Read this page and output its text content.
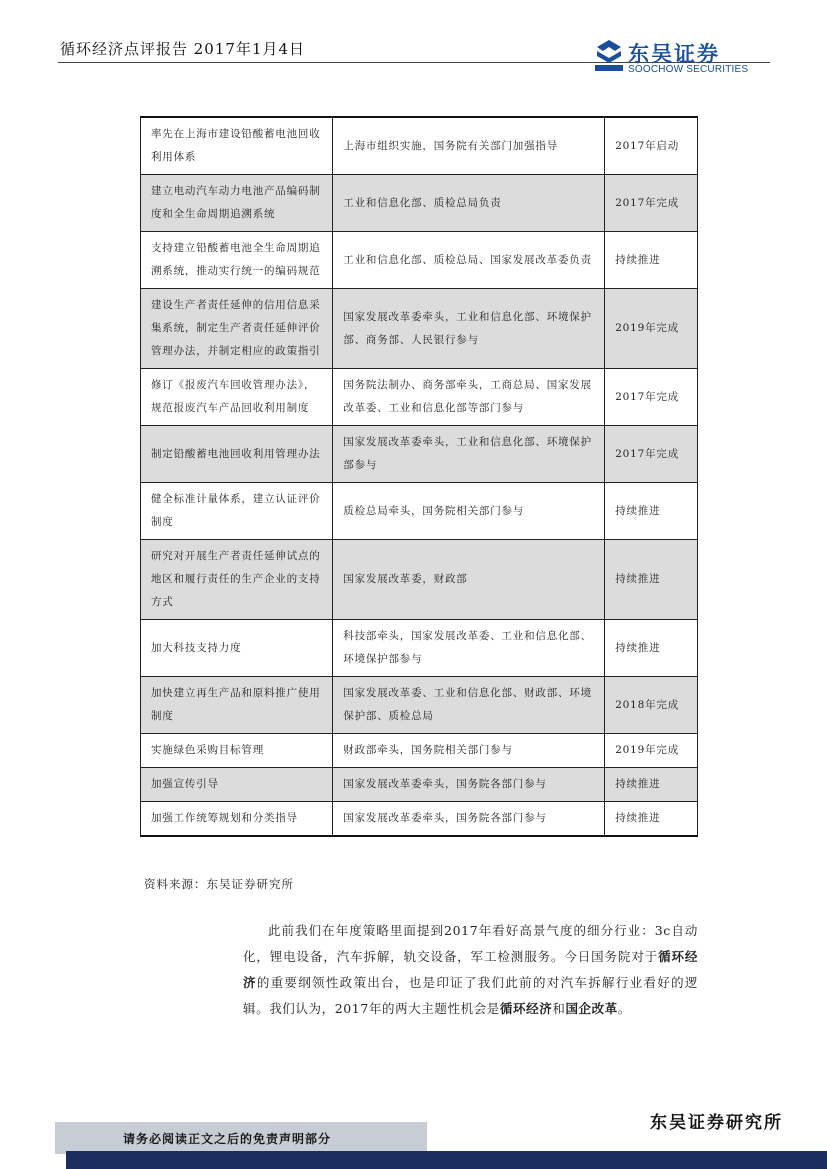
循环经济点评报告 2017年1月4日	东吴证券
SOOCHOW SECURITIES
率先在上海市建设铅酸蓄电池回收利用体系	上海市组织实施，国务院有关部门加强指导	2017年启动
建立电动汽车动力电池产品编码制度和全生命周期追溯系统	工业和信息化部、质检总局负责	2017年完成
支持建立铅酸蓄电池全生命周期追溯系统，推动实行统一的编码规范	工业和信息化部、质检总局、国家发展改革委负责	持续推进
建设生产者责任延伸的信用信息采集系统，制定生产者责任延伸评价管理办法，并制定相应的政策指引	国家发展改革委牵头，工业和信息化部、环境保护部、商务部、人民银行参与	2019年完成
修订《报废汽车回收管理办法》，规范报废汽车产品回收利用制度	国务院法制办、商务部牵头，工商总局、国家发展改革委、工业和信息化部等部门参与	2017年完成
制定铅酸蓄电池回收利用管理办法	国家发展改革委牵头，工业和信息化部、环境保护部参与	2017年完成
健全标准计量体系，建立认证评价制度	质检总局牵头，国务院相关部门参与	持续推进
研究对开展生产者责任延伸试点的地区和履行责任的生产企业的支持方式	国家发展改革委，财政部	持续推进
加大科技支持力度	科技部牵头，国家发展改革委、工业和信息化部、环境保护部参与	持续推进
加快建立再生产品和原料推广使用制度	国家发展改革委、工业和信息化部、财政部、环境保护部、质检总局	2018年完成
实施绿色采购目标管理	财政部牵头，国务院相关部门参与	2019年完成
加强宣传引导	国家发展改革委牵头，国务院各部门参与	持续推进
加强工作统筹规划和分类指导	国家发展改革委牵头，国务院各部门参与	持续推进
资料来源：东吴证券研究所

此前我们在年度策略里面提到2017年看好高景气度的细分行业：3c自动化，锂电设备，汽车拆解，轨交设备，军工检测服务。今日国务院对于循环经济的重要纲领性政策出台，也是印证了我们此前的对汽车拆解行业看好的逻辑。我们认为，2017年的两大主题性机会是循环经济和国企改革。

东吴证券研究所
请务必阅读正文之后的免责声明部分
